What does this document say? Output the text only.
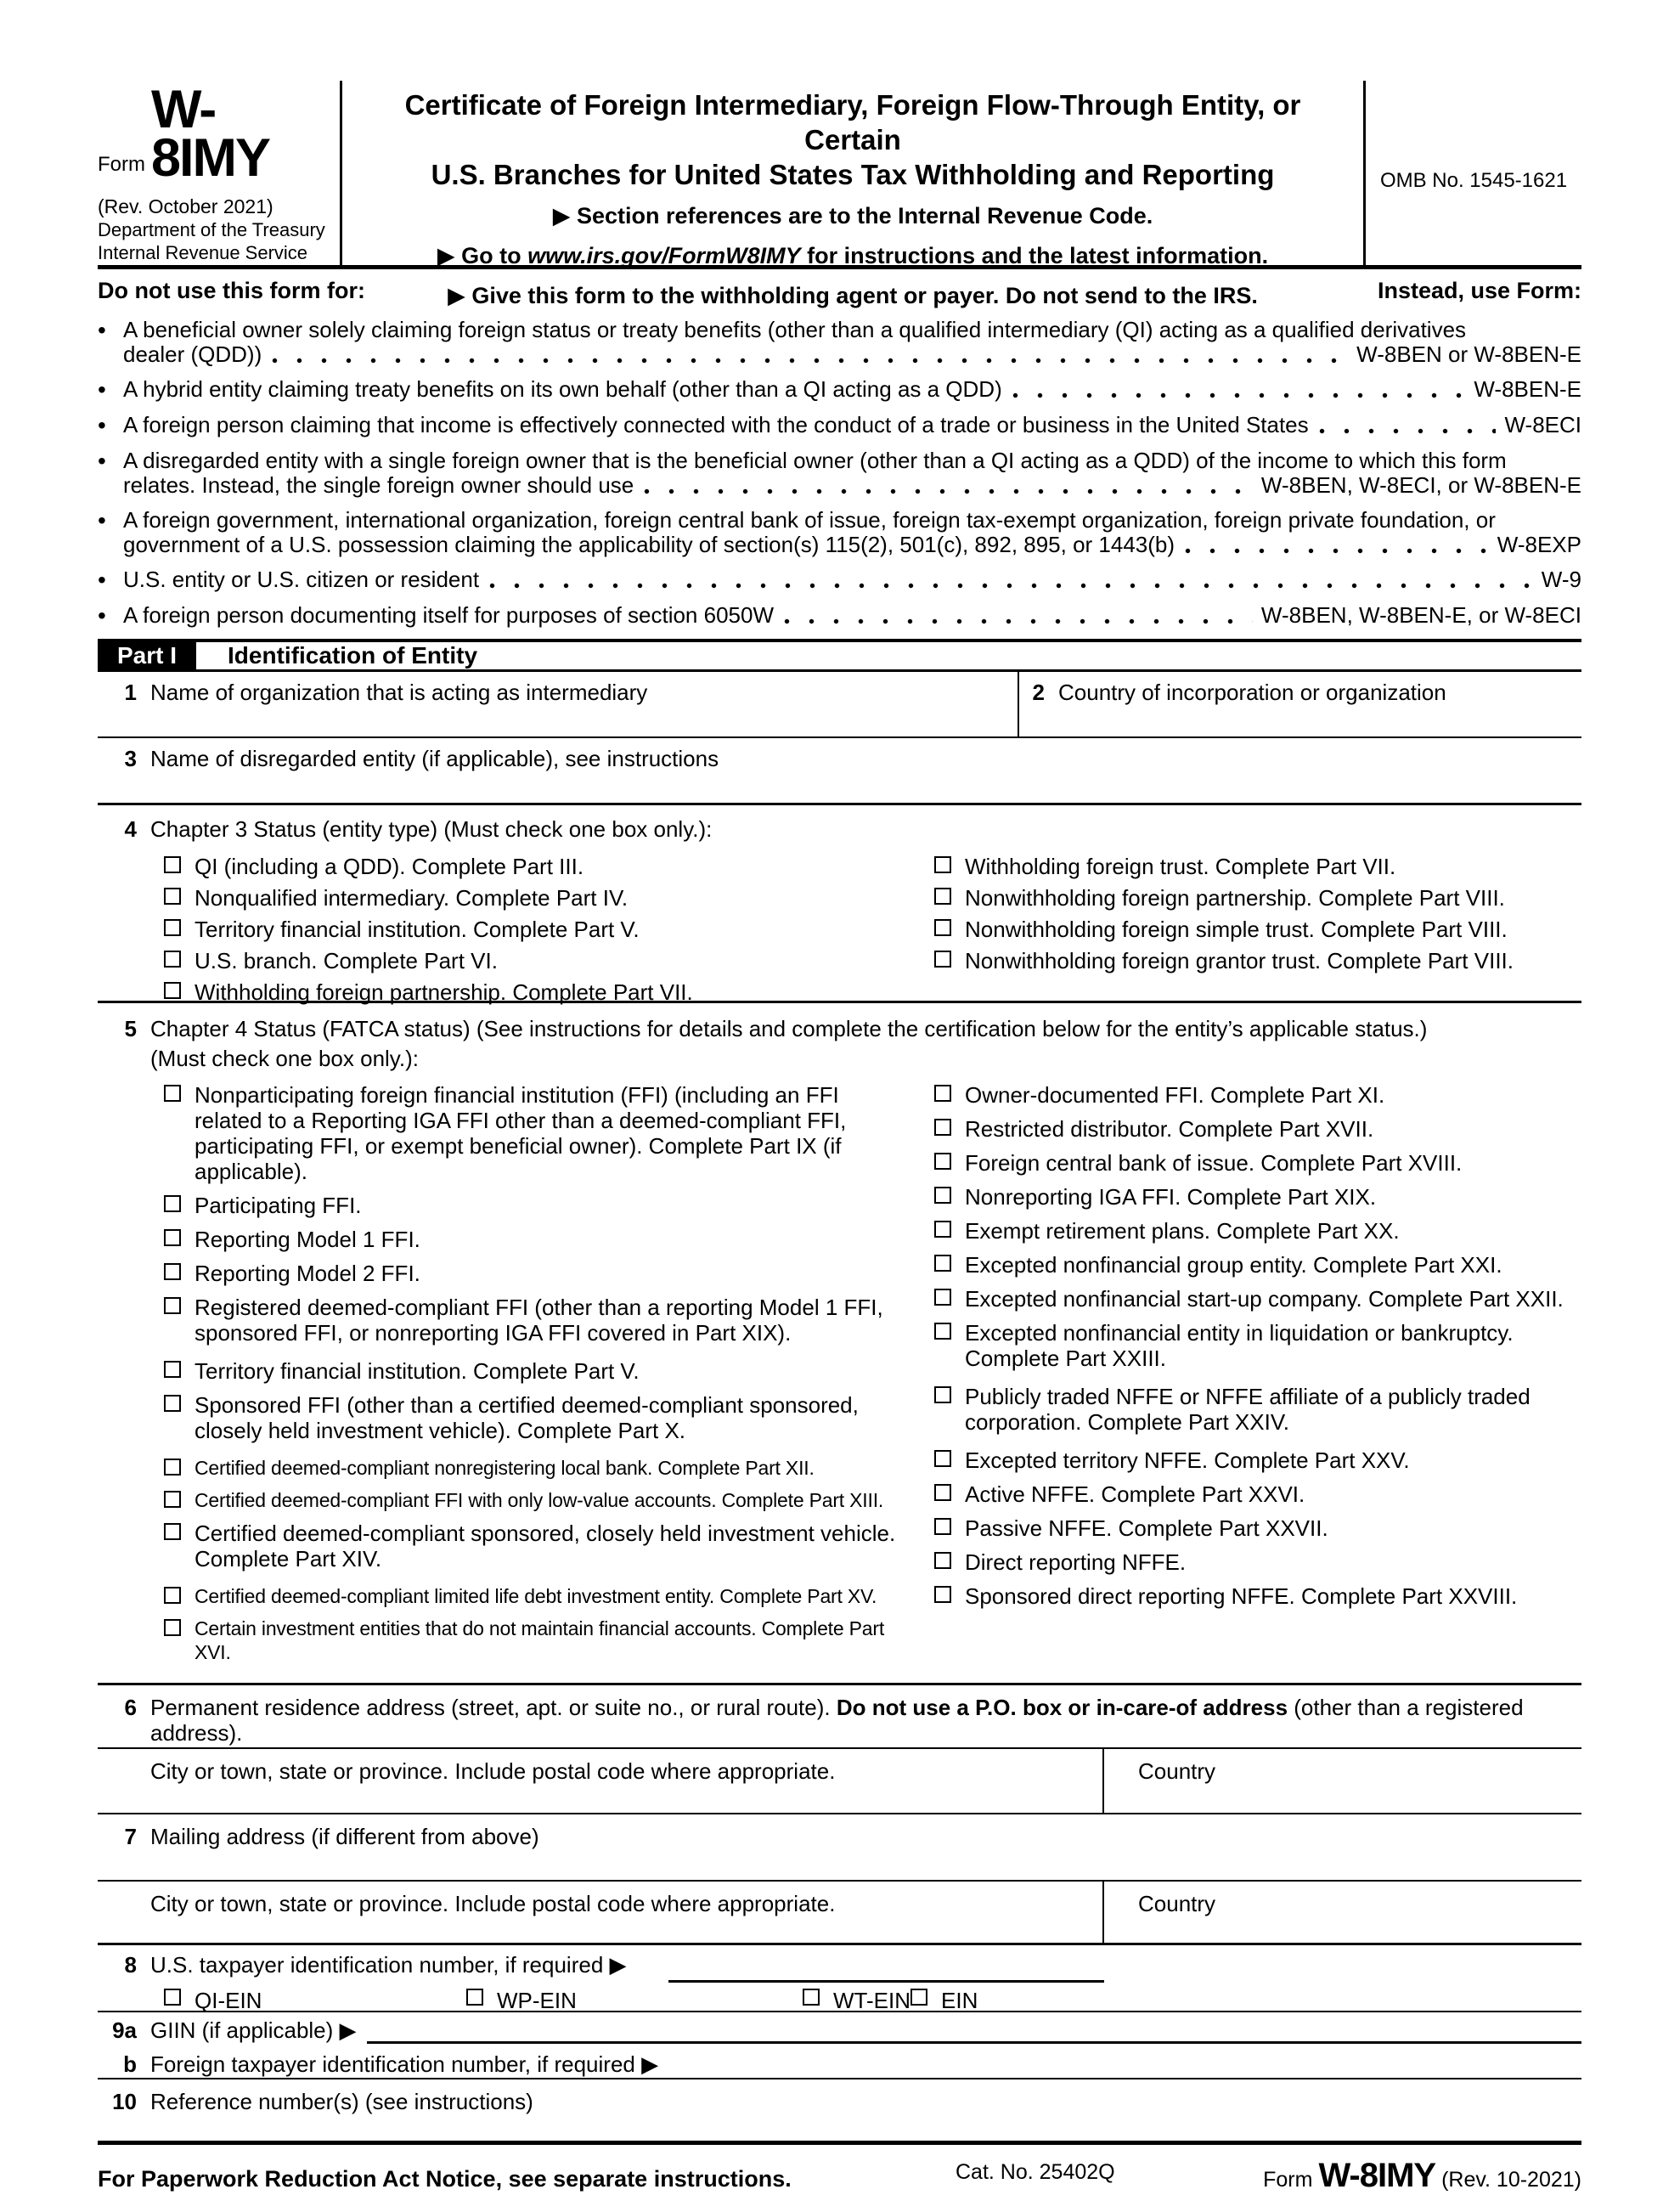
Form
W-8IMY
(Rev. October 2021)
Department of the Treasury
Internal Revenue Service
Certificate of Foreign Intermediary, Foreign Flow-Through Entity, or Certain
U.S. Branches for United States Tax Withholding and Reporting
▶ Section references are to the Internal Revenue Code.
▶ Go to www.irs.gov/FormW8IMY for instructions and the latest information.
▶ Give this form to the withholding agent or payer. Do not send to the IRS.
OMB No. 1545-1621
Do not use this form for:	Instead, use Form:
•
A beneficial owner solely claiming foreign status or treaty benefits (other than a qualified intermediary (QI) acting as a qualified derivatives
dealer (QDD))	W-8BEN or W-8BEN-E
•
A hybrid entity claiming treaty benefits on its own behalf (other than a QI acting as a QDD)	W-8BEN-E
•
A foreign person claiming that income is effectively connected with the conduct of a trade or business in the United States	W-8ECI
•
A disregarded entity with a single foreign owner that is the beneficial owner (other than a QI acting as a QDD) of the income to which this form
relates. Instead, the single foreign owner should use	W-8BEN, W-8ECI, or W-8BEN-E
•
A foreign government, international organization, foreign central bank of issue, foreign tax-exempt organization, foreign private foundation, or
government of a U.S. possession claiming the applicability of section(s) 115(2), 501(c), 892, 895, or 1443(b)	W-8EXP
•
U.S. entity or U.S. citizen or resident	W-9
•
A foreign person documenting itself for purposes of section 6050W	W-8BEN, W-8BEN-E, or W-8ECI
Part I	Identification of Entity
1 Name of organization that is acting as intermediary	2 Country of incorporation or organization
3 Name of disregarded entity (if applicable), see instructions
4 Chapter 3 Status (entity type) (Must check one box only.):
QI (including a QDD). Complete Part III.
Nonqualified intermediary. Complete Part IV.
Territory financial institution. Complete Part V.
U.S. branch. Complete Part VI.
Withholding foreign partnership. Complete Part VII.
Withholding foreign trust. Complete Part VII.
Nonwithholding foreign partnership. Complete Part VIII.
Nonwithholding foreign simple trust. Complete Part VIII.
Nonwithholding foreign grantor trust. Complete Part VIII.
5 Chapter 4 Status (FATCA status) (See instructions for details and complete the certification below for the entity’s applicable status.)
(Must check one box only.):
Nonparticipating foreign financial institution (FFI) (including an FFI related to a Reporting IGA FFI other than a deemed-compliant FFI, participating FFI, or exempt beneficial owner). Complete Part IX (if applicable).
Participating FFI.
Reporting Model 1 FFI.
Reporting Model 2 FFI.
Registered deemed-compliant FFI (other than a reporting Model 1 FFI, sponsored FFI, or nonreporting IGA FFI covered in Part XIX).
Territory financial institution. Complete Part V.
Sponsored FFI (other than a certified deemed-compliant sponsored, closely held investment vehicle). Complete Part X.
Certified deemed-compliant nonregistering local bank. Complete Part XII.
Certified deemed-compliant FFI with only low-value accounts. Complete Part XIII.
Certified deemed-compliant sponsored, closely held investment vehicle. Complete Part XIV.
Certified deemed-compliant limited life debt investment entity. Complete Part XV.
Certain investment entities that do not maintain financial accounts. Complete Part XVI.
Owner-documented FFI. Complete Part XI.
Restricted distributor. Complete Part XVII.
Foreign central bank of issue. Complete Part XVIII.
Nonreporting IGA FFI. Complete Part XIX.
Exempt retirement plans. Complete Part XX.
Excepted nonfinancial group entity. Complete Part XXI.
Excepted nonfinancial start-up company. Complete Part XXII.
Excepted nonfinancial entity in liquidation or bankruptcy. Complete Part XXIII.
Publicly traded NFFE or NFFE affiliate of a publicly traded corporation. Complete Part XXIV.
Excepted territory NFFE. Complete Part XXV.
Active NFFE. Complete Part XXVI.
Passive NFFE. Complete Part XXVII.
Direct reporting NFFE.
Sponsored direct reporting NFFE. Complete Part XXVIII.
6 Permanent residence address (street, apt. or suite no., or rural route). Do not use a P.O. box or in-care-of address (other than a registered address).
City or town, state or province. Include postal code where appropriate.	Country
7 Mailing address (if different from above)
City or town, state or province. Include postal code where appropriate.	Country
8 U.S. taxpayer identification number, if required ▶
QI-EIN	WP-EIN	WT-EIN EIN
9a GIIN (if applicable) ▶
b Foreign taxpayer identification number, if required ▶
10 Reference number(s) (see instructions)
For Paperwork Reduction Act Notice, see separate instructions.	Cat. No. 25402Q	Form W-8IMY (Rev. 10-2021)
